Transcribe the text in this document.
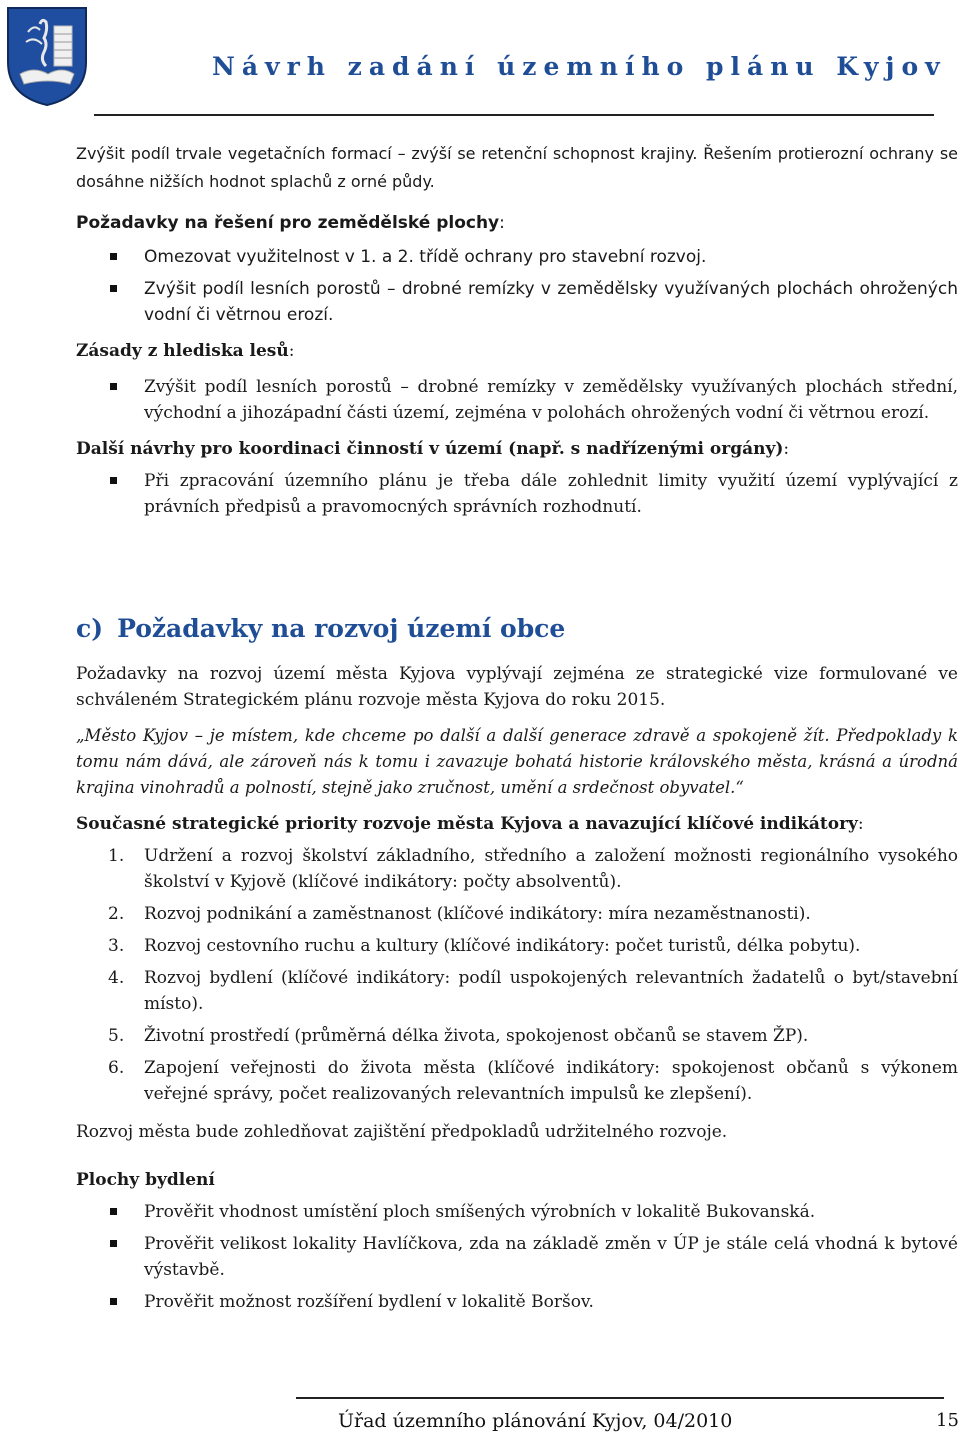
Návrh zadání územního plánu Kyjov

Zvýšit podíl trvale vegetačních formací – zvýší se retenční schopnost krajiny. Řešením protierozní ochrany se dosáhne nižších hodnot splachů z orné půdy.

Požadavky na řešení pro zemědělské plochy:

Omezovat využitelnost v 1. a 2. třídě ochrany pro stavební rozvoj.
Zvýšit podíl lesních porostů – drobné remízky v zemědělsky využívaných plochách ohrožených vodní či větrnou erozí.

Zásady z hlediska lesů:

Zvýšit podíl lesních porostů – drobné remízky v zemědělsky využívaných plochách střední, východní a jihozápadní části území, zejména v polohách ohrožených vodní či větrnou erozí.

Další návrhy pro koordinaci činností v území (např. s nadřízenými orgány):

Při zpracování územního plánu je třeba dále zohlednit limity využití území vyplývající z právních předpisů a pravomocných správních rozhodnutí.
c) Požadavky na rozvoj území obce

Požadavky na rozvoj území města Kyjova vyplývají zejména ze strategické vize formulované ve schváleném Strategickém plánu rozvoje města Kyjova do roku 2015.

„Město Kyjov – je místem, kde chceme po další a další generace zdravě a spokojeně žít. Předpoklady k tomu nám dává, ale zároveň nás k tomu i zavazuje bohatá historie královského města, krásná a úrodná krajina vinohradů a polností, stejně jako zručnost, umění a srdečnost obyvatel.“

Současné strategické priority rozvoje města Kyjova a navazující klíčové indikátory:

1. Udržení a rozvoj školství základního, středního a založení možnosti regionálního vysokého školství v Kyjově (klíčové indikátory: počty absolventů).
2. Rozvoj podnikání a zaměstnanost (klíčové indikátory: míra nezaměstnanosti).
3. Rozvoj cestovního ruchu a kultury (klíčové indikátory: počet turistů, délka pobytu).
4. Rozvoj bydlení (klíčové indikátory: podíl uspokojených relevantních žadatelů o byt/stavební místo).
5. Životní prostředí (průměrná délka života, spokojenost občanů se stavem ŽP).
6. Zapojení veřejnosti do života města (klíčové indikátory: spokojenost občanů s výkonem veřejné správy, počet realizovaných relevantních impulsů ke zlepšení).

Rozvoj města bude zohledňovat zajištění předpokladů udržitelného rozvoje.

Plochy bydlení

Prověřit vhodnost umístění ploch smíšených výrobních v lokalitě Bukovanská.
Prověřit velikost lokality Havlíčkova, zda na základě změn v ÚP je stále celá vhodná k bytové výstavbě.
Prověřit možnost rozšíření bydlení v lokalitě Boršov.
Úřad územního plánování Kyjov, 04/2010	15
